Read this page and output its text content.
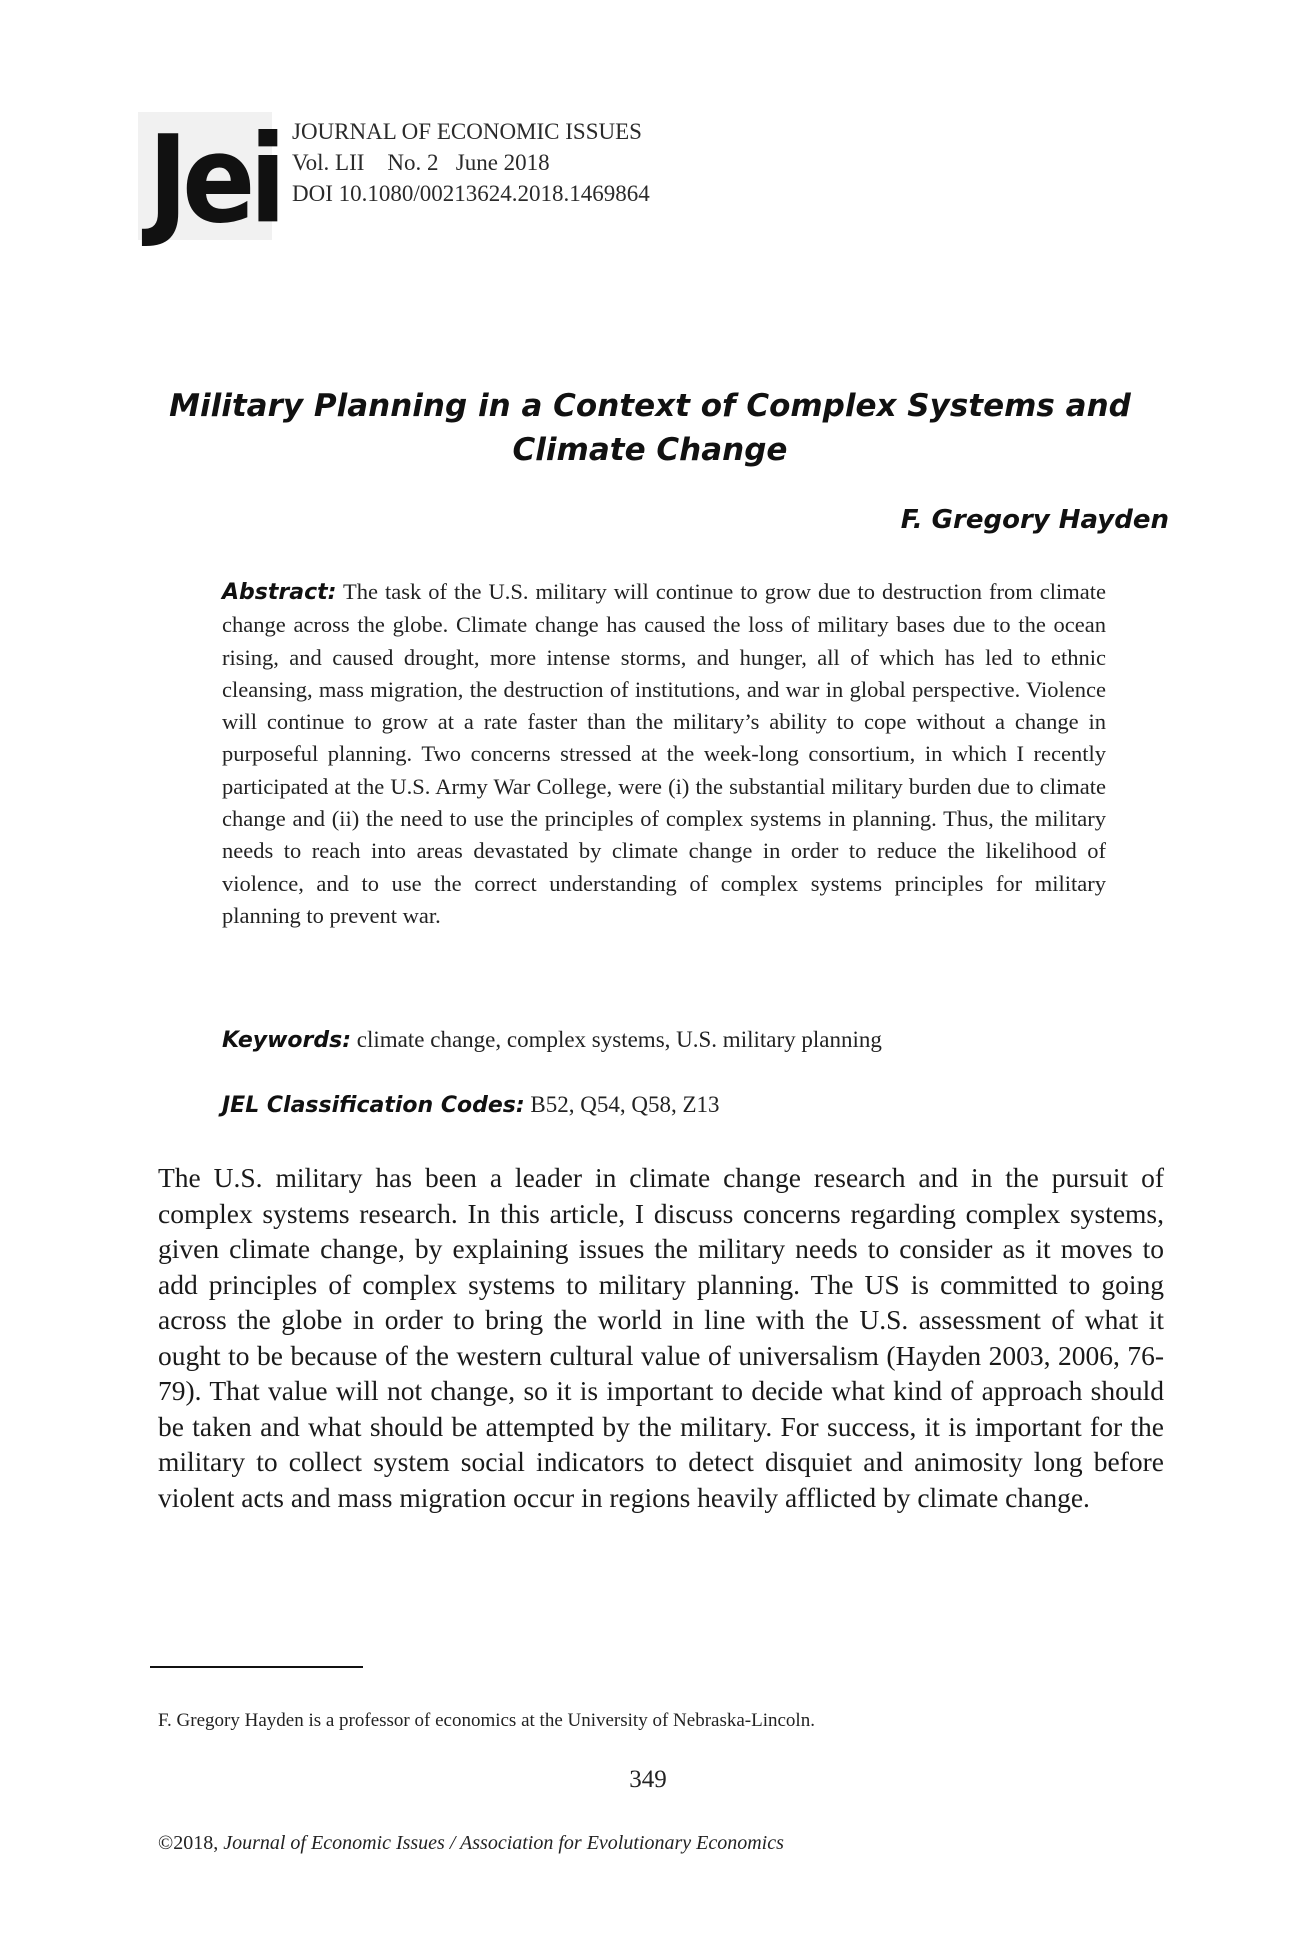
Jei JOURNAL OF ECONOMIC ISSUES
Vol. LII    No. 2   June 2018
DOI 10.1080/00213624.2018.1469864
Military Planning in a Context of Complex Systems and Climate Change
F. Gregory Hayden
Abstract: The task of the U.S. military will continue to grow due to destruction from climate change across the globe. Climate change has caused the loss of military bases due to the ocean rising, and caused drought, more intense storms, and hunger, all of which has led to ethnic cleansing, mass migration, the destruction of institutions, and war in global perspective. Violence will continue to grow at a rate faster than the military’s ability to cope without a change in purposeful planning. Two concerns stressed at the week-long consortium, in which I recently participated at the U.S. Army War College, were (i) the substantial military burden due to climate change and (ii) the need to use the principles of complex systems in planning. Thus, the military needs to reach into areas devastated by climate change in order to reduce the likelihood of violence, and to use the correct understanding of complex systems principles for military planning to prevent war.
Keywords: climate change, complex systems, U.S. military planning
JEL Classification Codes: B52, Q54, Q58, Z13
The U.S. military has been a leader in climate change research and in the pursuit of complex systems research. In this article, I discuss concerns regarding complex systems, given climate change, by explaining issues the military needs to consider as it moves to add principles of complex systems to military planning. The US is committed to going across the globe in order to bring the world in line with the U.S. assessment of what it ought to be because of the western cultural value of universalism (Hayden 2003, 2006, 76-79). That value will not change, so it is important to decide what kind of approach should be taken and what should be attempted by the military. For success, it is important for the military to collect system social indicators to detect disquiet and animosity long before violent acts and mass migration occur in regions heavily afflicted by climate change.
F. Gregory Hayden is a professor of economics at the University of Nebraska-Lincoln.
349
©2018, Journal of Economic Issues / Association for Evolutionary Economics
